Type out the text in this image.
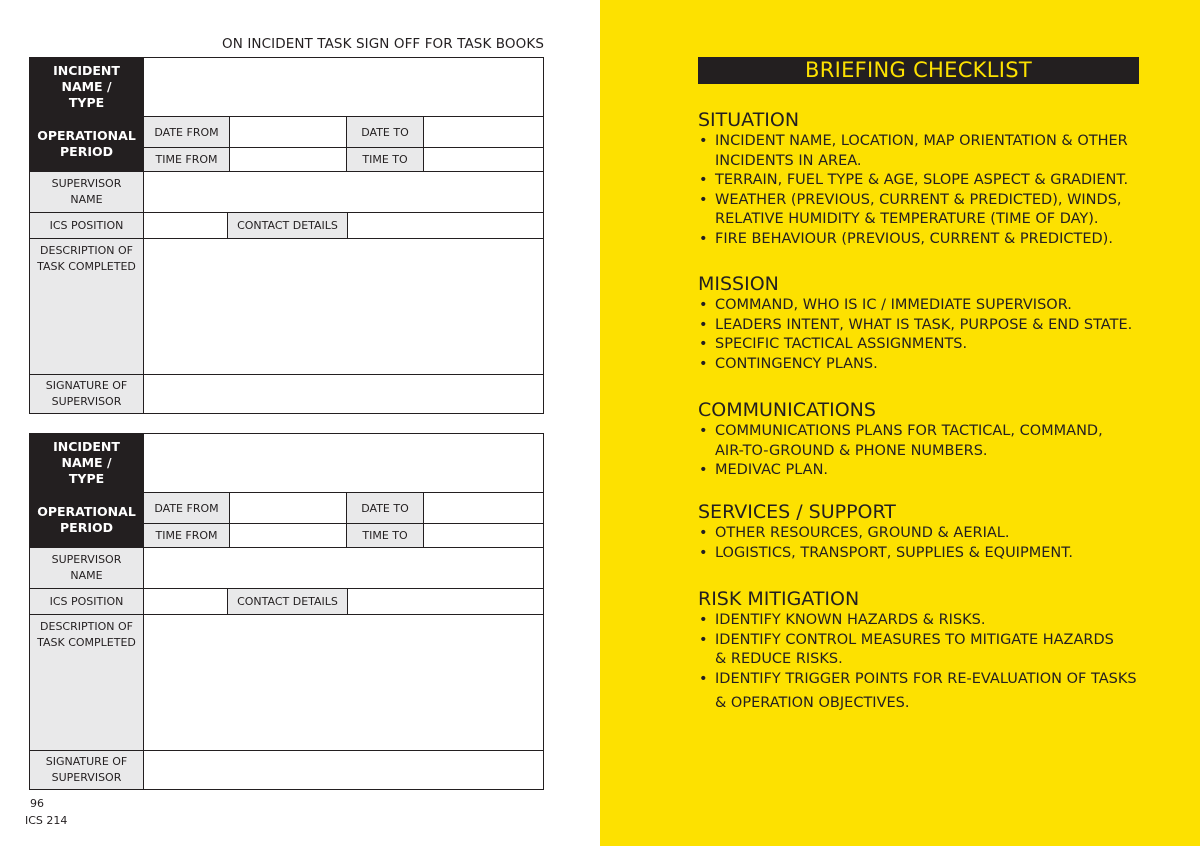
ON INCIDENT TASK SIGN OFF FOR TASK BOOKS
INCIDENT
NAME /
TYPE
OPERATIONAL
PERIOD
DATE FROM	DATE TO
TIME FROM	TIME TO
SUPERVISOR
NAME
ICS POSITION	CONTACT DETAILS
DESCRIPTION OF
TASK COMPLETED
SIGNATURE OF
SUPERVISOR
INCIDENT
NAME /
TYPE
OPERATIONAL
PERIOD
DATE FROM	DATE TO
TIME FROM	TIME TO
SUPERVISOR
NAME
ICS POSITION	CONTACT DETAILS
DESCRIPTION OF
TASK COMPLETED
SIGNATURE OF
SUPERVISOR
96
ICS 214
BRIEFING CHECKLIST
SITUATION
• INCIDENT NAME, LOCATION, MAP ORIENTATION & OTHER
INCIDENTS IN AREA.
• TERRAIN, FUEL TYPE & AGE, SLOPE ASPECT & GRADIENT.
• WEATHER (PREVIOUS, CURRENT & PREDICTED), WINDS,
RELATIVE HUMIDITY & TEMPERATURE (TIME OF DAY).
• FIRE BEHAVIOUR (PREVIOUS, CURRENT & PREDICTED).
MISSION
• COMMAND, WHO IS IC / IMMEDIATE SUPERVISOR.
• LEADERS INTENT, WHAT IS TASK, PURPOSE & END STATE.
• SPECIFIC TACTICAL ASSIGNMENTS.
• CONTINGENCY PLANS.
COMMUNICATIONS
• COMMUNICATIONS PLANS FOR TACTICAL, COMMAND,
AIR-TO-GROUND & PHONE NUMBERS.
• MEDIVAC PLAN.
SERVICES / SUPPORT
• OTHER RESOURCES, GROUND & AERIAL.
• LOGISTICS, TRANSPORT, SUPPLIES & EQUIPMENT.
RISK MITIGATION
• IDENTIFY KNOWN HAZARDS & RISKS.
• IDENTIFY CONTROL MEASURES TO MITIGATE HAZARDS
& REDUCE RISKS.
• IDENTIFY TRIGGER POINTS FOR RE-EVALUATION OF TASKS
& OPERATION OBJECTIVES.
